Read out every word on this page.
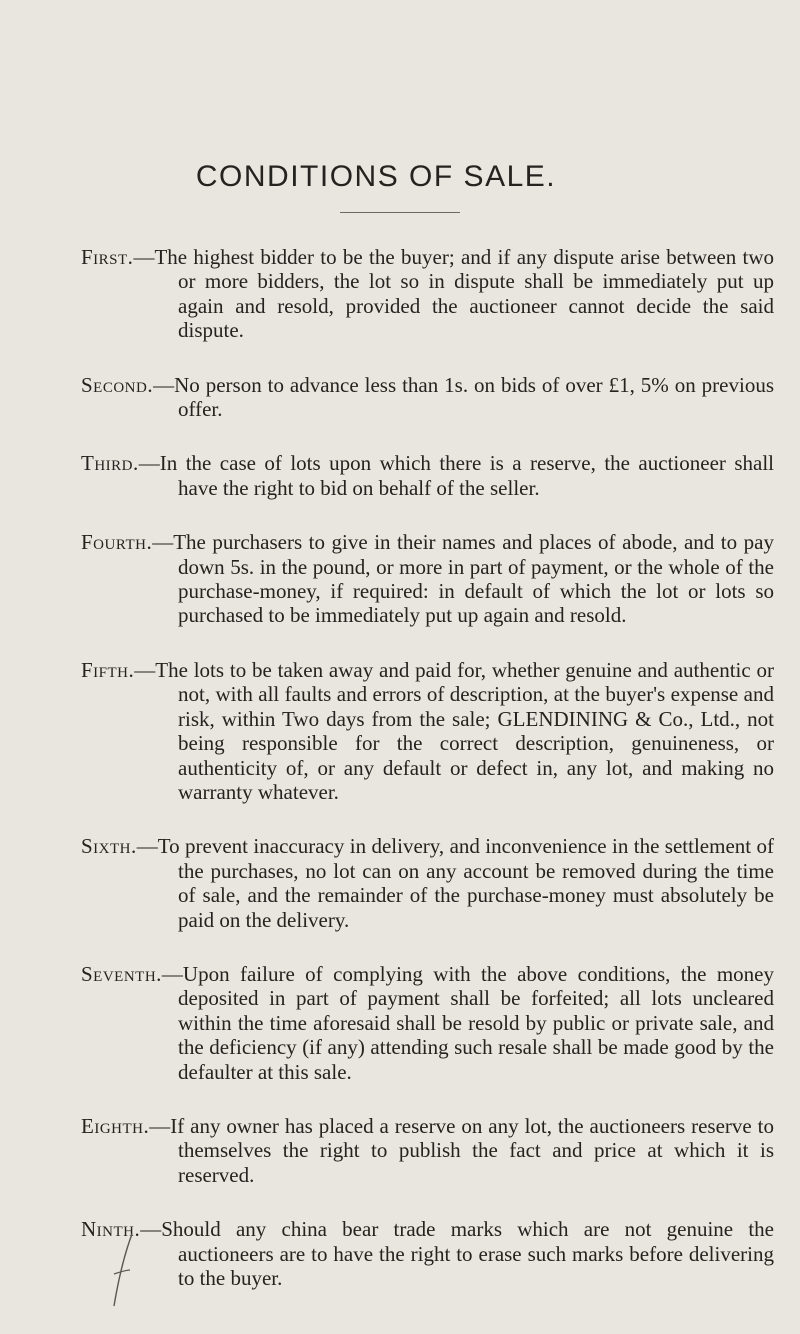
CONDITIONS OF SALE.

First.—The highest bidder to be the buyer; and if any dispute arise between two or more bidders, the lot so in dispute shall be immediately put up again and resold, provided the auctioneer cannot decide the said dispute.

Second.—No person to advance less than 1s. on bids of over £1, 5% on previous offer.

Third.—In the case of lots upon which there is a reserve, the auctioneer shall have the right to bid on behalf of the seller.

Fourth.—The purchasers to give in their names and places of abode, and to pay down 5s. in the pound, or more in part of payment, or the whole of the purchase-money, if required: in default of which the lot or lots so purchased to be immediately put up again and resold.

Fifth.—The lots to be taken away and paid for, whether genuine and authentic or not, with all faults and errors of description, at the buyer's expense and risk, within Two days from the sale; GLENDINING & Co., Ltd., not being responsible for the correct description, genuineness, or authenticity of, or any default or defect in, any lot, and making no warranty whatever.

Sixth.—To prevent inaccuracy in delivery, and inconvenience in the settlement of the purchases, no lot can on any account be removed during the time of sale, and the remainder of the purchase-money must absolutely be paid on the delivery.

Seventh.—Upon failure of complying with the above conditions, the money deposited in part of payment shall be forfeited; all lots uncleared within the time aforesaid shall be resold by public or private sale, and the deficiency (if any) attending such resale shall be made good by the defaulter at this sale.

Eighth.—If any owner has placed a reserve on any lot, the auctioneers reserve to themselves the right to publish the fact and price at which it is reserved.

Ninth.—Should any china bear trade marks which are not genuine the auctioneers are to have the right to erase such marks before delivering to the buyer.
